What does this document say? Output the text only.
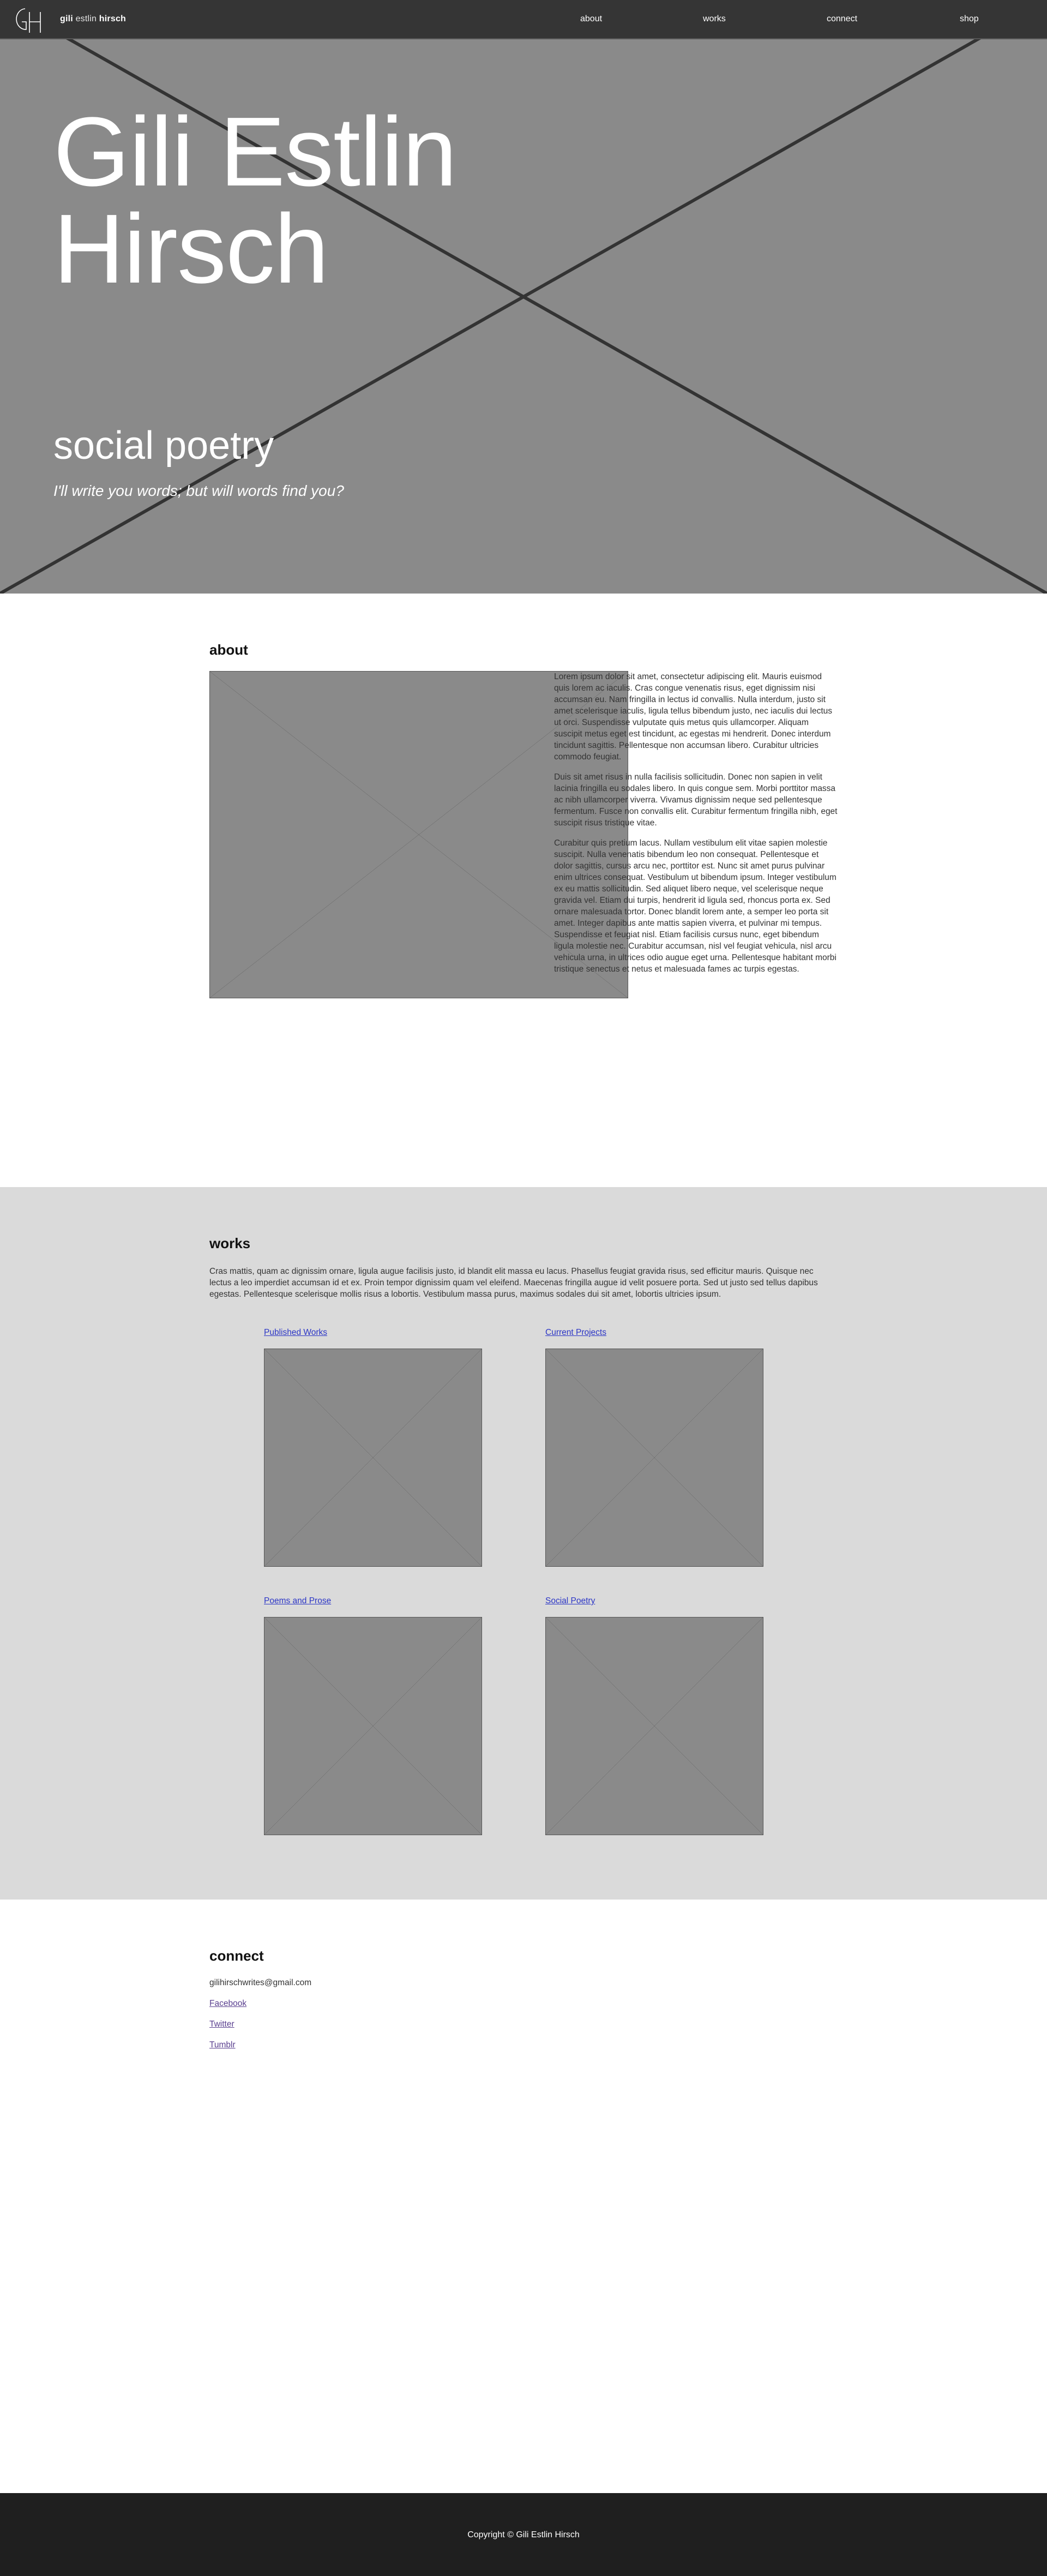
Gili Estlin
Hirsch
social poetry

I'll write you words; but will words find you?

gili estlin hirsch	about	works	connect	shop
about

Lorem ipsum dolor sit amet, consectetur adipiscing elit. Mauris euismod quis lorem ac iaculis. Cras congue venenatis risus, eget dignissim nisi accumsan eu. Nam fringilla in lectus id convallis. Nulla interdum, justo sit amet scelerisque iaculis, ligula tellus bibendum justo, nec iaculis dui lectus ut orci. Suspendisse vulputate quis metus quis ullamcorper. Aliquam suscipit metus eget est tincidunt, ac egestas mi hendrerit. Donec interdum tincidunt sagittis. Pellentesque non accumsan libero. Curabitur ultricies commodo feugiat.

Duis sit amet risus in nulla facilisis sollicitudin. Donec non sapien in velit lacinia fringilla eu sodales libero. In quis congue sem. Morbi porttitor massa ac nibh ullamcorper viverra. Vivamus dignissim neque sed pellentesque fermentum. Fusce non convallis elit. Curabitur fermentum fringilla nibh, eget suscipit risus tristique vitae.

Curabitur quis pretium lacus. Nullam vestibulum elit vitae sapien molestie suscipit. Nulla venenatis bibendum leo non consequat. Pellentesque et dolor sagittis, cursus arcu nec, porttitor est. Nunc sit amet purus pulvinar enim ultrices consequat. Vestibulum ut bibendum ipsum. Integer vestibulum ex eu mattis sollicitudin. Sed aliquet libero neque, vel scelerisque neque gravida vel. Etiam dui turpis, hendrerit id ligula sed, rhoncus porta ex. Sed ornare malesuada tortor. Donec blandit lorem ante, a semper leo porta sit amet. Integer dapibus ante mattis sapien viverra, et pulvinar mi tempus. Suspendisse et feugiat nisl. Etiam facilisis cursus nunc, eget bibendum ligula molestie nec. Curabitur accumsan, nisl vel feugiat vehicula, nisl arcu vehicula urna, in ultrices odio augue eget urna. Pellentesque habitant morbi tristique senectus et netus et malesuada fames ac turpis egestas.

works

Cras mattis, quam ac dignissim ornare, ligula augue facilisis justo, id blandit elit massa eu lacus. Phasellus feugiat gravida risus, sed efficitur mauris. Quisque nec lectus a leo imperdiet accumsan id et ex. Proin tempor dignissim quam vel eleifend. Maecenas fringilla augue id velit posuere porta. Sed ut justo sed tellus dapibus egestas. Pellentesque scelerisque mollis risus a lobortis. Vestibulum massa purus, maximus sodales dui sit amet, lobortis ultricies ipsum.

Published Works	Current Projects
Poems and Prose	Social Poetry
connect

gilihirschwrites@gmail.com

Facebook
Twitter
Tumblr

Copyright © Gili Estlin Hirsch
